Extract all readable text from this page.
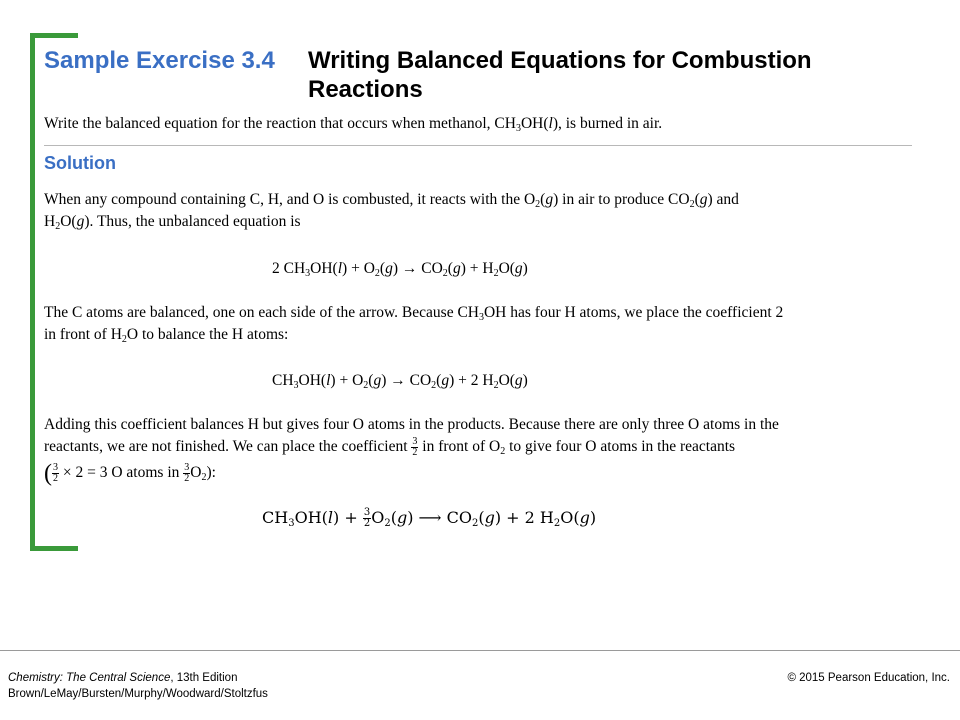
Sample Exercise 3.4 Writing Balanced Equations for Combustion
Reactions
Write the balanced equation for the reaction that occurs when methanol, $CH_3OH(l)$, is burned in air.
Solution
When any compound containing C, H, and O is combusted, it reacts with the $O_2(g)$ in air to produce $CO_2(g)$ and
$H_2O(g)$. Thus, the unbalanced equation is
2 $CH_3OH(l) + O_2(g) \to CO_2(g) + H_2O(g)$
The C atoms are balanced, one on each side of the arrow. Because $CH_3OH$ has four H atoms, we place the coefficient 2
in front of $H_2O$ to balance the H atoms:
$CH_3OH(l) + O_2(g) \to CO_2(g) + 2$ $H_2O(g)$
Adding this coefficient balances H but gives four O atoms in the products. Because there are only three O atoms in the
reactants, we are not finished. We can place the coefficient $\frac{3}{2}$ in front of $O_2$ to give four O atoms in the reactants
( $\frac{3}{2} \times 2 = 3$ O atoms in $\frac{3}{2} O_2$):
$CH_3OH(l) + \frac{3}{2} O_2(g)$ ⟶ $CO_2(g) + 2$ $H_2O(g)$
Chemistry: The Central Science, 13th Edition
Brown/LeMay/Bursten/Murphy/Woodward/Stoltzfus
© 2015 Pearson Education, Inc.
